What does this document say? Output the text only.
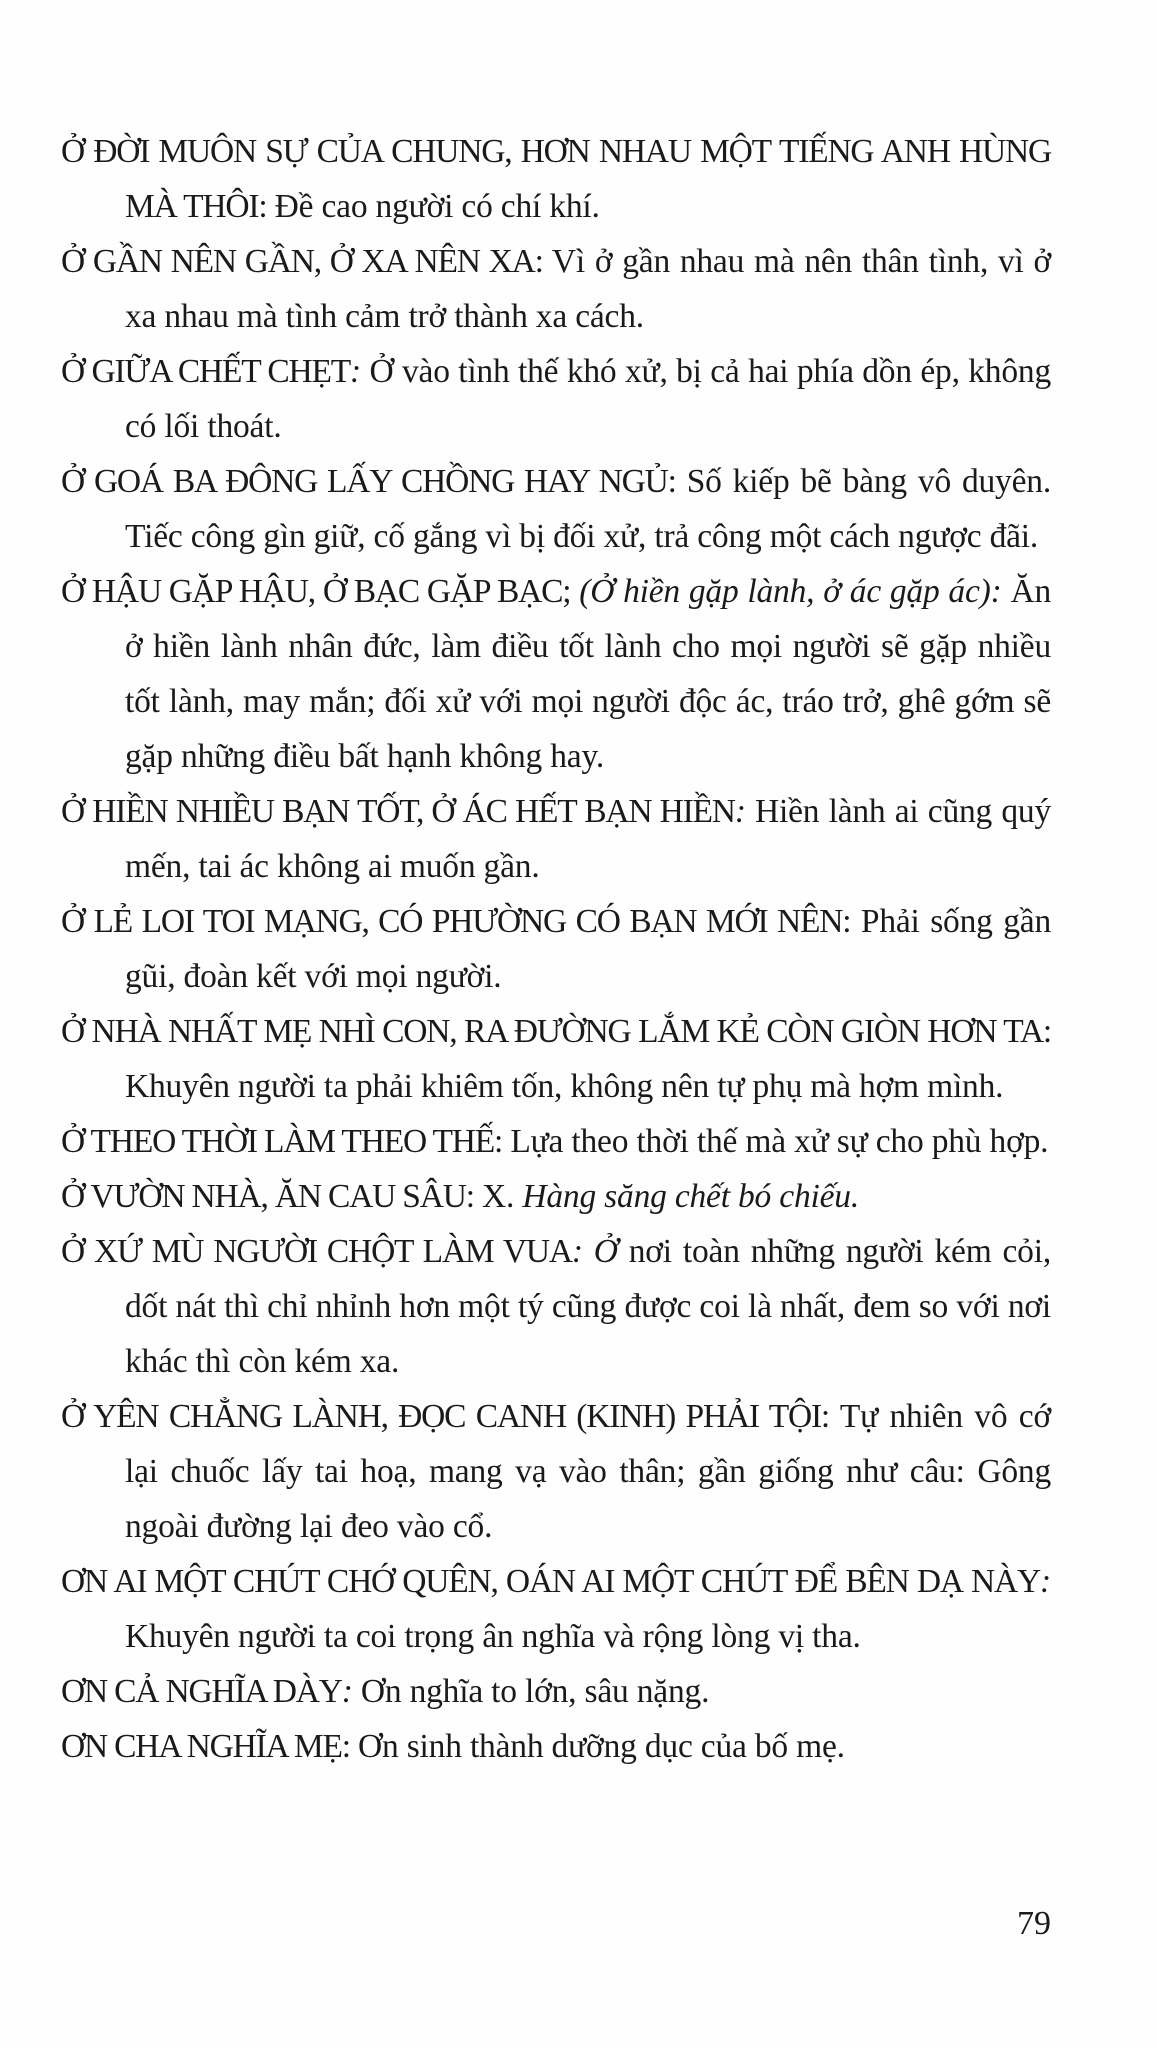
Ở ĐỜI MUÔN SỰ CỦA CHUNG, HƠN NHAU MỘT TIẾNG ANH HÙNG MÀ THÔI: Đề cao người có chí khí.

Ở GẦN NÊN GẦN, Ở XA NÊN XA: Vì ở gần nhau mà nên thân tình, vì ở xa nhau mà tình cảm trở thành xa cách.

Ở GIỮA CHẾT CHẸT: Ở vào tình thế khó xử, bị cả hai phía dồn ép, không có lối thoát.

Ở GOÁ BA ĐÔNG LẤY CHỒNG HAY NGỦ: Số kiếp bẽ bàng vô duyên. Tiếc công gìn giữ, cố gắng vì bị đối xử, trả công một cách ngược đãi.

Ở HẬU GẶP HẬU, Ở BẠC GẶP BẠC; (Ở hiền gặp lành, ở ác gặp ác): Ăn ở hiền lành nhân đức, làm điều tốt lành cho mọi người sẽ gặp nhiều tốt lành, may mắn; đối xử với mọi người độc ác, tráo trở, ghê gớm sẽ gặp những điều bất hạnh không hay.

Ở HIỀN NHIỀU BẠN TỐT, Ở ÁC HẾT BẠN HIỀN: Hiền lành ai cũng quý mến, tai ác không ai muốn gần.

Ở LẺ LOI TOI MẠNG, CÓ PHƯỜNG CÓ BẠN MỚI NÊN: Phải sống gần gũi, đoàn kết với mọi người.

Ở NHÀ NHẤT MẸ NHÌ CON, RA ĐƯỜNG LẮM KẺ CÒN GIÒN HƠN TA: Khuyên người ta phải khiêm tốn, không nên tự phụ mà hợm mình.

Ở THEO THỜI LÀM THEO THẾ: Lựa theo thời thế mà xử sự cho phù hợp.

Ở VƯỜN NHÀ, ĂN CAU SÂU: X. Hàng săng chết bó chiếu.

Ở XỨ MÙ NGƯỜI CHỘT LÀM VUA: Ở nơi toàn những người kém cỏi, dốt nát thì chỉ nhỉnh hơn một tý cũng được coi là nhất, đem so với nơi khác thì còn kém xa.

Ở YÊN CHẲNG LÀNH, ĐỌC CANH (KINH) PHẢI TỘI: Tự nhiên vô cớ lại chuốc lấy tai hoạ, mang vạ vào thân; gần giống như câu: Gông ngoài đường lại đeo vào cổ.

ƠN AI MỘT CHÚT CHỚ QUÊN, OÁN AI MỘT CHÚT ĐỂ BÊN DẠ NÀY: Khuyên người ta coi trọng ân nghĩa và rộng lòng vị tha.

ƠN CẢ NGHĨA DÀY: Ơn nghĩa to lớn, sâu nặng.

ƠN CHA NGHĨA MẸ: Ơn sinh thành dưỡng dục của bố mẹ.

79
